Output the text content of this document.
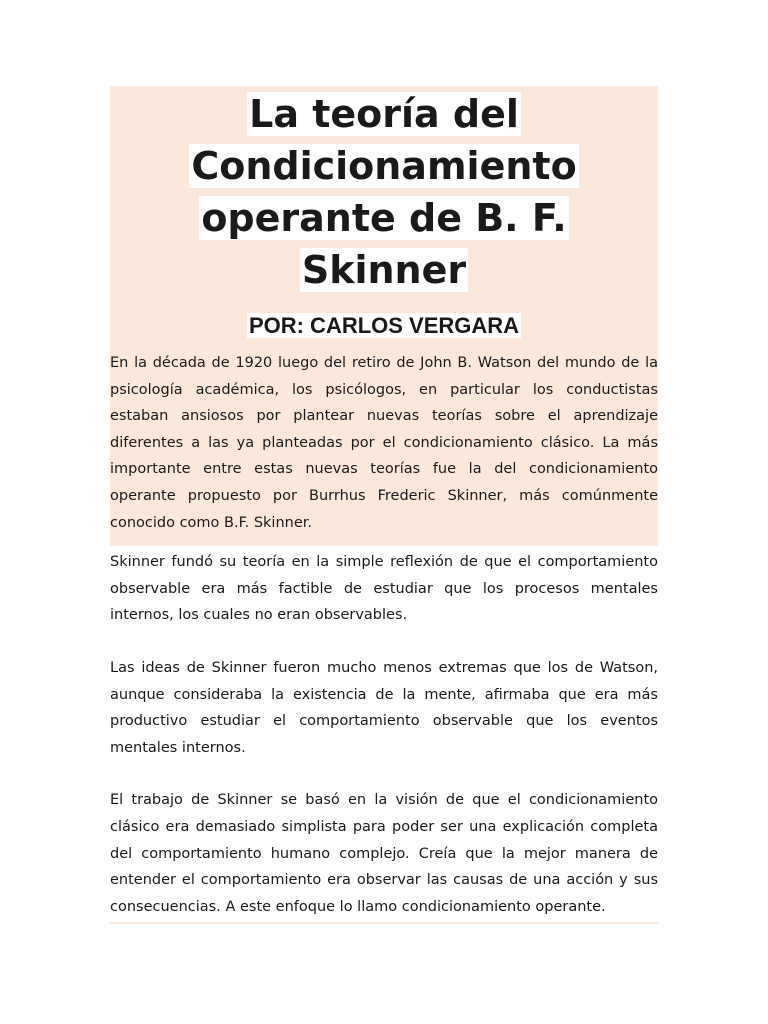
La teoría del
Condicionamiento
operante de B. F.
Skinner
POR: CARLOS VERGARA

En la década de 1920 luego del retiro de John B. Watson del mundo de la psicología académica, los psicólogos, en particular los conductistas estaban ansiosos por plantear nuevas teorías sobre el aprendizaje diferentes a las ya planteadas por el condicionamiento clásico. La más importante entre estas nuevas teorías fue la del condicionamiento operante propuesto por Burrhus Frederic Skinner, más comúnmente conocido como B.F. Skinner.

Skinner fundó su teoría en la simple reflexión de que el comportamiento observable era más factible de estudiar que los procesos mentales internos, los cuales no eran observables.

Las ideas de Skinner fueron mucho menos extremas que los de Watson, aunque consideraba la existencia de la mente, afirmaba que era más productivo estudiar el comportamiento observable que los eventos mentales internos.

El trabajo de Skinner se basó en la visión de que el condicionamiento clásico era demasiado simplista para poder ser una explicación completa del comportamiento humano complejo. Creía que la mejor manera de entender el comportamiento era observar las causas de una acción y sus consecuencias. A este enfoque lo llamo condicionamiento operante.
